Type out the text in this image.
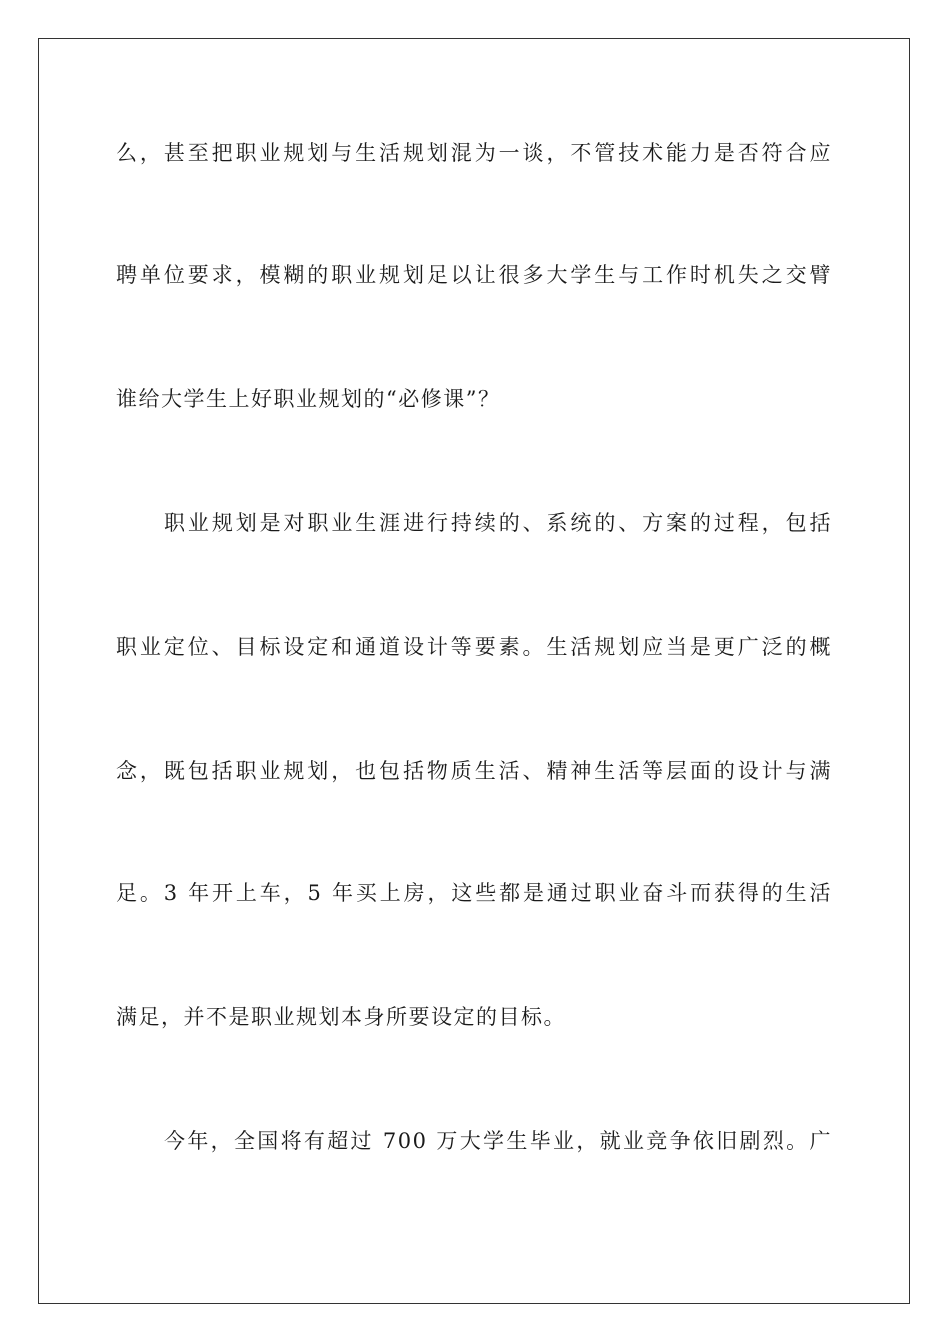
么，甚至把职业规划与生活规划混为一谈，不管技术能力是否符合应
聘单位要求，模糊的职业规划足以让很多大学生与工作时机失之交臂
谁给大学生上好职业规划的“必修课”？
职业规划是对职业生涯进行持续的、系统的、方案的过程，包括
职业定位、目标设定和通道设计等要素。生活规划应当是更广泛的概
念，既包括职业规划，也包括物质生活、精神生活等层面的设计与满
足。3 年开上车，5 年买上房，这些都是通过职业奋斗而获得的生活
满足，并不是职业规划本身所要设定的目标。
今年，全国将有超过 700 万大学生毕业，就业竞争依旧剧烈。广
